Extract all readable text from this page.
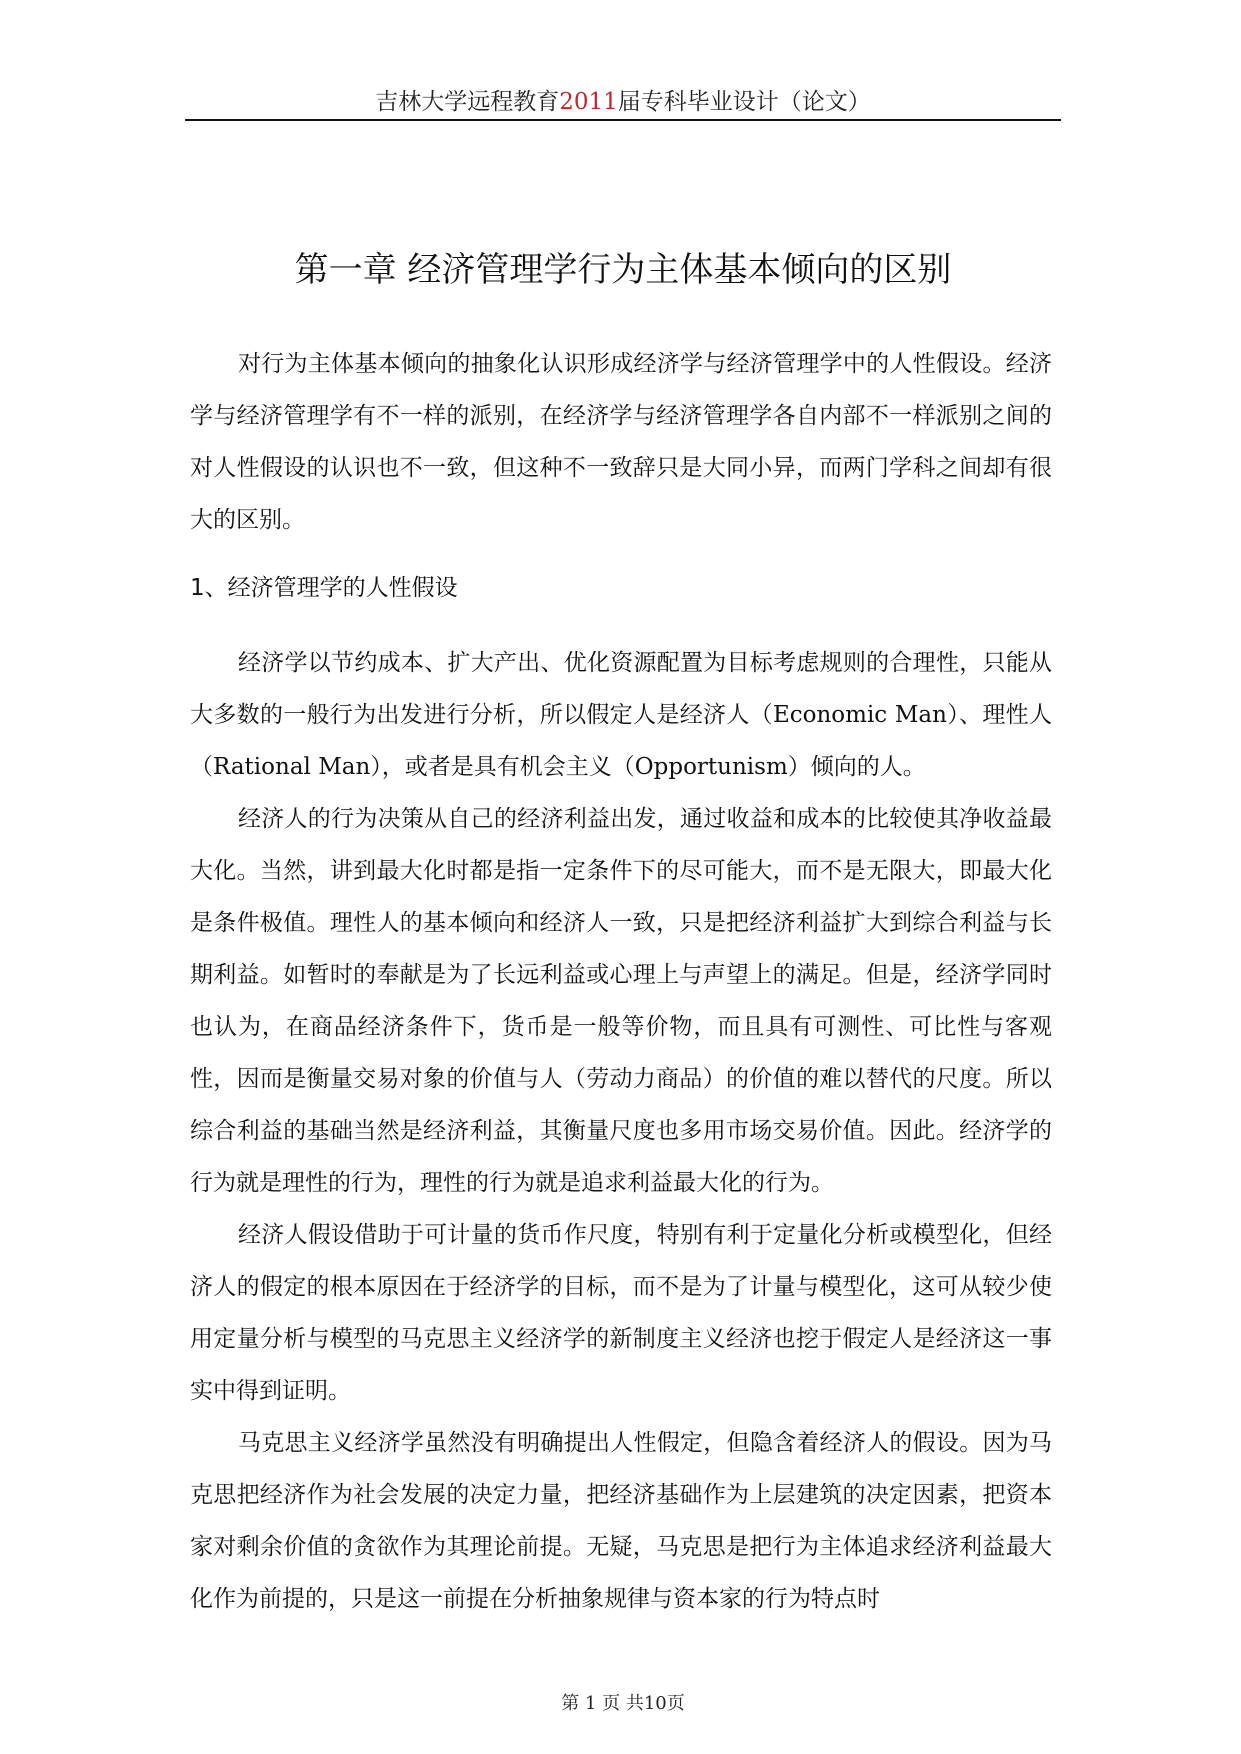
吉林大学远程教育2011届专科毕业设计（论文）
第一章 经济管理学行为主体基本倾向的区别

对行为主体基本倾向的抽象化认识形成经济学与经济管理学中的人性假设。经济学与经济管理学有不一样的派别，在经济学与经济管理学各自内部不一样派别之间的对人性假设的认识也不一致，但这种不一致辞只是大同小异，而两门学科之间却有很大的区别。

1、经济管理学的人性假设

经济学以节约成本、扩大产出、优化资源配置为目标考虑规则的合理性，只能从大多数的一般行为出发进行分析，所以假定人是经济人（Economic Man）、理性人（Rational Man），或者是具有机会主义（Opportunism）倾向的人。

经济人的行为决策从自己的经济利益出发，通过收益和成本的比较使其净收益最大化。当然，讲到最大化时都是指一定条件下的尽可能大，而不是无限大，即最大化是条件极值。理性人的基本倾向和经济人一致，只是把经济利益扩大到综合利益与长期利益。如暂时的奉献是为了长远利益或心理上与声望上的满足。但是，经济学同时也认为，在商品经济条件下，货币是一般等价物，而且具有可测性、可比性与客观性，因而是衡量交易对象的价值与人（劳动力商品）的价值的难以替代的尺度。所以综合利益的基础当然是经济利益，其衡量尺度也多用市场交易价值。因此。经济学的行为就是理性的行为，理性的行为就是追求利益最大化的行为。

经济人假设借助于可计量的货币作尺度，特别有利于定量化分析或模型化，但经济人的假定的根本原因在于经济学的目标，而不是为了计量与模型化，这可从较少使用定量分析与模型的马克思主义经济学的新制度主义经济也挖于假定人是经济这一事实中得到证明。

马克思主义经济学虽然没有明确提出人性假定，但隐含着经济人的假设。因为马克思把经济作为社会发展的决定力量，把经济基础作为上层建筑的决定因素，把资本家对剩余价值的贪欲作为其理论前提。无疑，马克思是把行为主体追求经济利益最大化作为前提的，只是这一前提在分析抽象规律与资本家的行为特点时

第 1 页 共10页
